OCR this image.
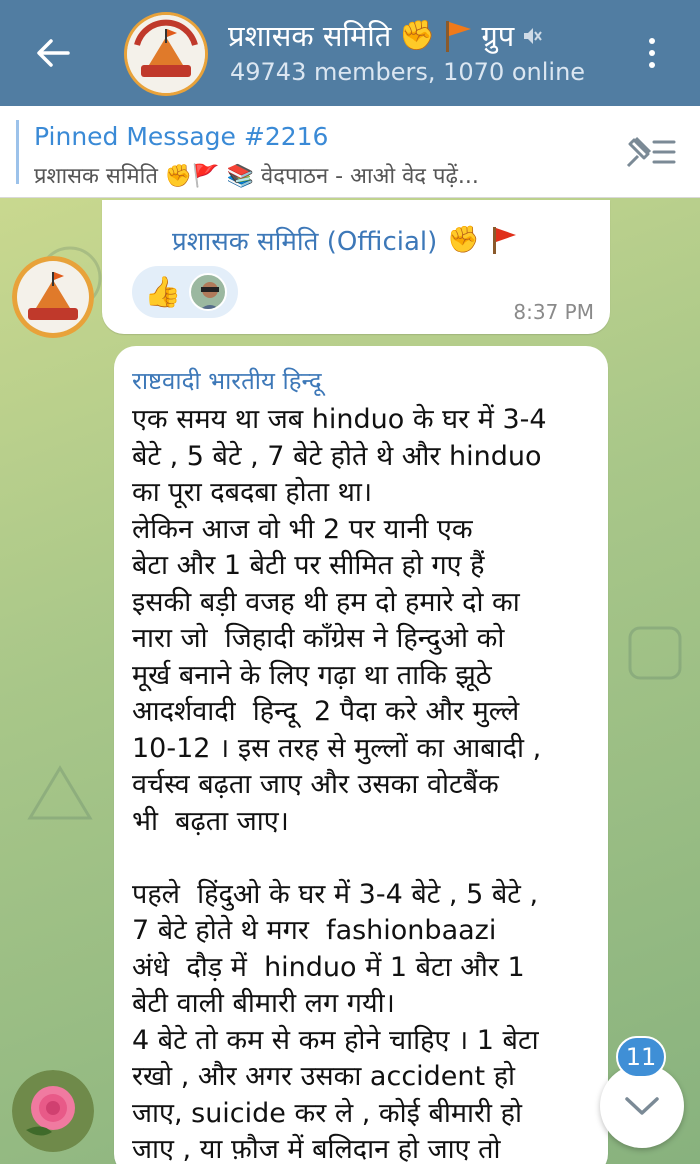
प्रशासक समिति ✊ ग्रुप
49743 members, 1070 online
Pinned Message #2216
प्रशासक समिति ✊🚩 📚 वेदपाठन - आओ वेद पढ़ें...
प्रशासक समिति (Official) ✊
👍
8:37 PM
राष्टवादी भारतीय हिन्दू
एक समय था जब hinduo के घर में 3-4
बेटे , 5 बेटे , 7 बेटे होते थे और hinduo
का पूरा दबदबा होता था।
लेकिन आज वो भी 2 पर यानी एक
बेटा और 1 बेटी पर सीमित हो गए हैं
इसकी बड़ी वजह थी हम दो हमारे दो का
नारा जो  जिहादी काँग्रेस ने हिन्दुओ को
मूर्ख बनाने के लिए गढ़ा था ताकि झूठे
आदर्शवादी  हिन्दू  2 पैदा करे और मुल्ले
10-12 । इस तरह से मुल्लों का आबादी ,
वर्चस्व बढ़ता जाए और उसका वोटबैंक
भी  बढ़ता जाए।

पहले  हिंदुओ के घर में 3-4 बेटे , 5 बेटे ,
7 बेटे होते थे मगर  fashionbaazi
अंधे  दौड़ में  hinduo में 1 बेटा और 1
बेटी वाली बीमारी लग गयी।
4 बेटे तो कम से कम होने चाहिए । 1 बेटा
रखो , और अगर उसका accident हो
जाए, suicide कर ले , कोई बीमारी हो
जाए , या फ़ौज में बलिदान हो जाए तो
11
